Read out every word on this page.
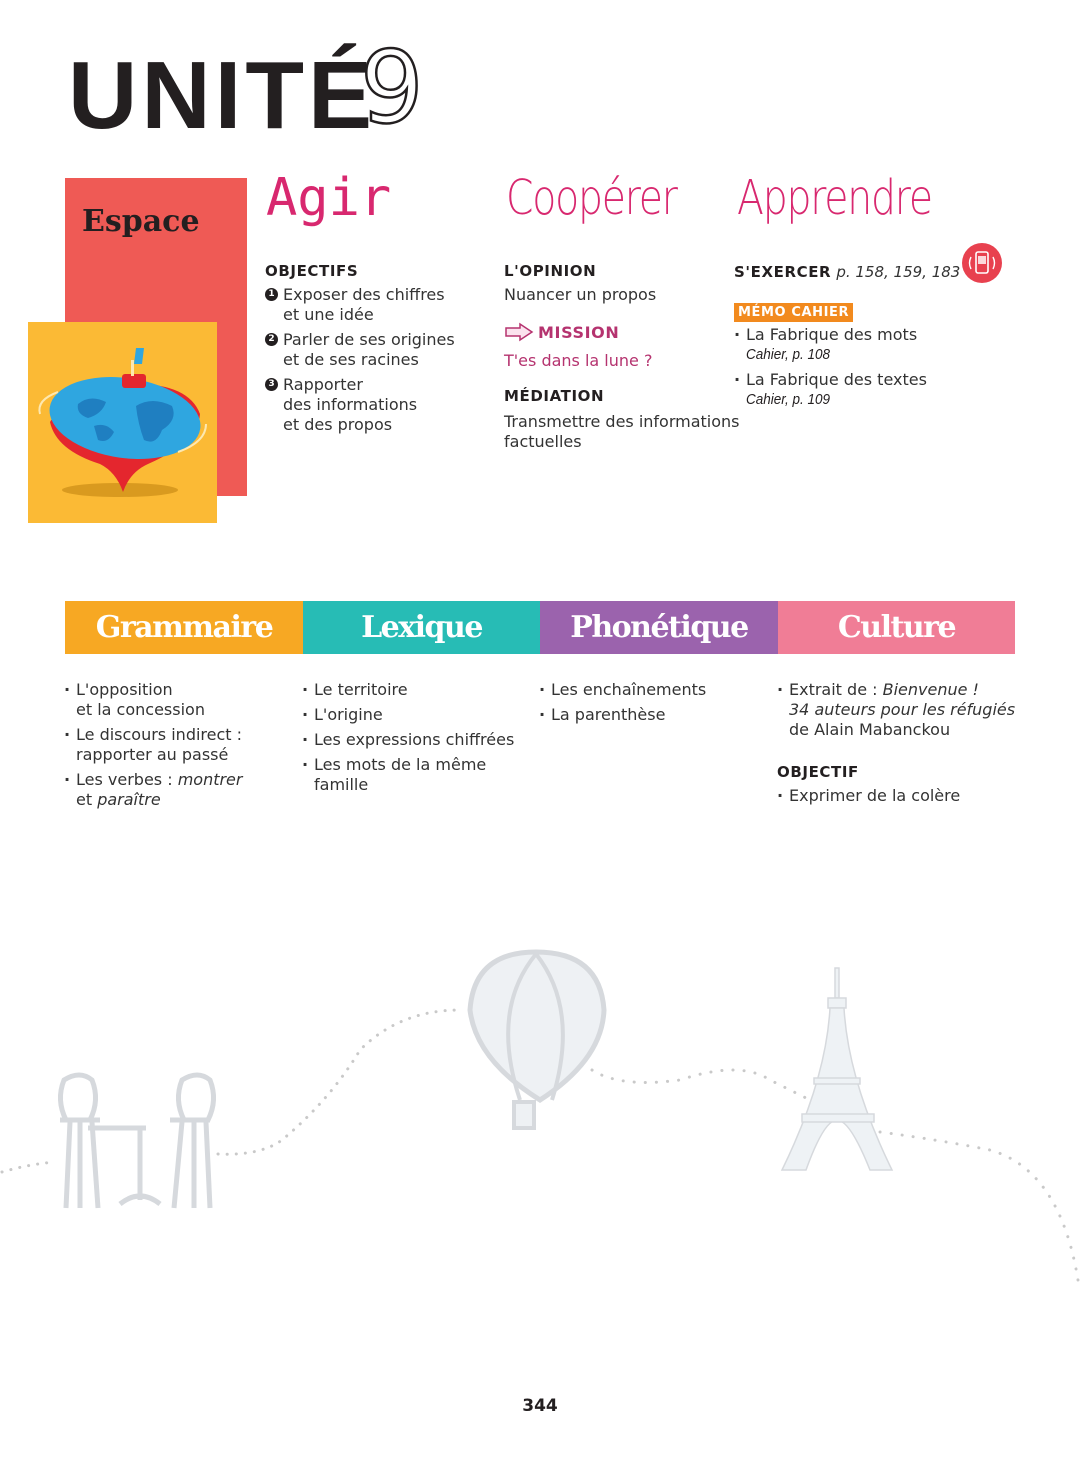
UNITÉ
9
Espace Agir
OBJECTIFS
1 Exposer des chiffres
et une idée
2 Parler de ses origines
et de ses racines
3 Rapporter
des informations
et des propos
Coopérer
L'OPINION
Nuancer un propos
MISSION
T'es dans la lune ?
MÉDIATION
Transmettre des informations
factuelles
Apprendre
S'EXERCER p. 158, 159, 183
MÉMO CAHIER
· La Fabrique des mots
Cahier, p. 108
· La Fabrique des textes
Cahier, p. 109
Grammaire	Lexique	Phonétique	Culture
· L'opposition
et la concession
· Le discours indirect :
rapporter au passé
· Les verbes : montrer
et paraître
· Le territoire
· L'origine
· Les expressions chiffrées
· Les mots de la même famille
· Les enchaînements
· La parenthèse
· Extrait de : Bienvenue !
34 auteurs pour les réfugiés
de Alain Mabanckou
OBJECTIF
· Exprimer de la colère
344
